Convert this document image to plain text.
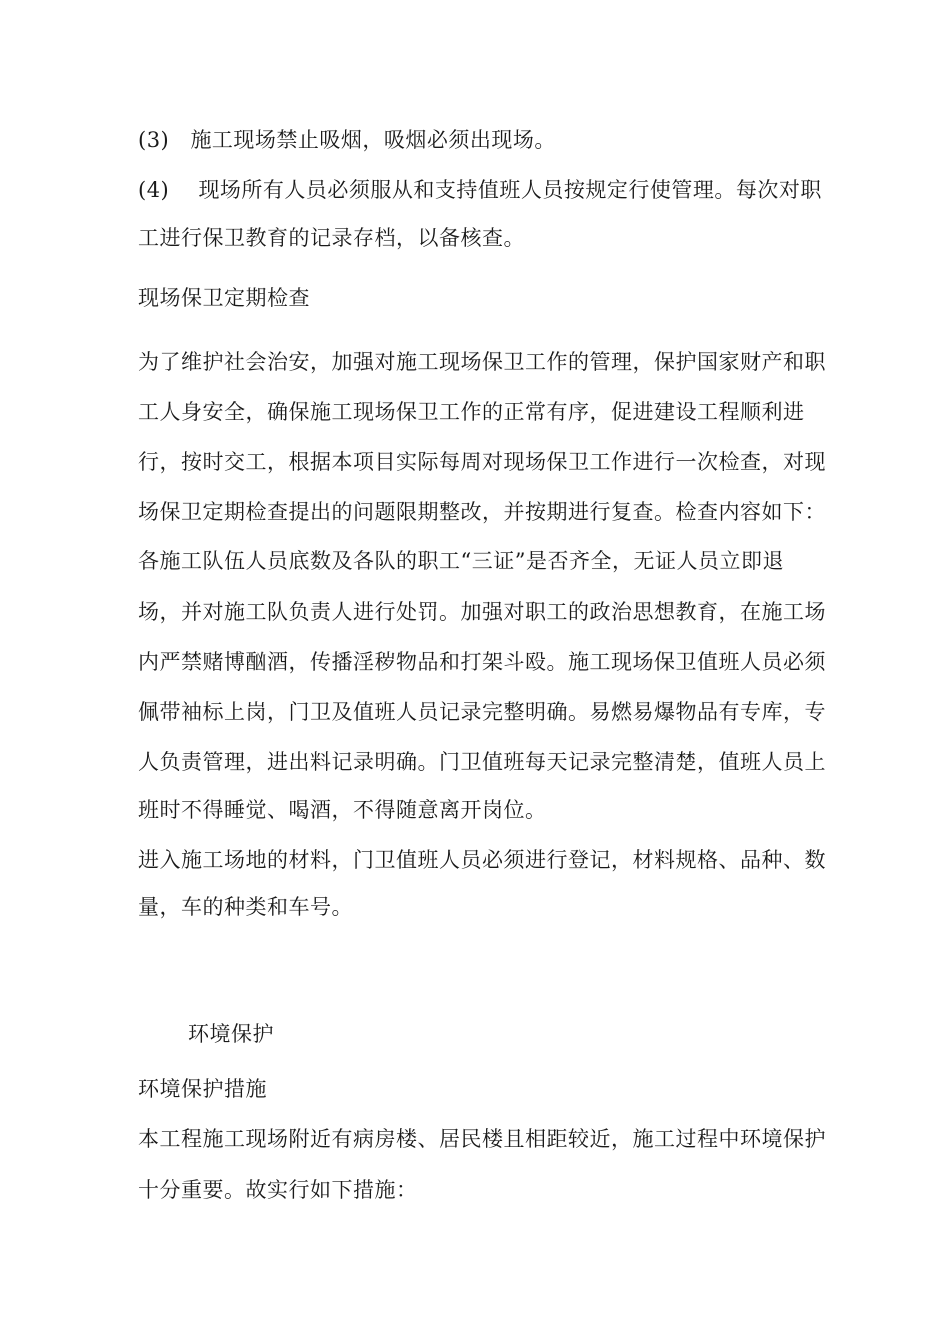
(3) 施工现场禁止吸烟，吸烟必须出现场。
(4) 现场所有人员必须服从和支持值班人员按规定行使管理。每次对职
工进行保卫教育的记录存档，以备核查。
现场保卫定期检查
为了维护社会治安，加强对施工现场保卫工作的管理，保护国家财产和职
工人身安全，确保施工现场保卫工作的正常有序，促进建设工程顺利进
行，按时交工，根据本项目实际每周对现场保卫工作进行一次检查，对现
场保卫定期检查提出的问题限期整改，并按期进行复查。检查内容如下：
各施工队伍人员底数及各队的职工“三证”是否齐全，无证人员立即退
场，并对施工队负责人进行处罚。加强对职工的政治思想教育，在施工场
内严禁赌博酗酒，传播淫秽物品和打架斗殴。施工现场保卫值班人员必须
佩带袖标上岗，门卫及值班人员记录完整明确。易燃易爆物品有专库，专
人负责管理，进出料记录明确。门卫值班每天记录完整清楚，值班人员上
班时不得睡觉、喝酒，不得随意离开岗位。
进入施工场地的材料，门卫值班人员必须进行登记，材料规格、品种、数
量，车的种类和车号。
环境保护
环境保护措施
本工程施工现场附近有病房楼、居民楼且相距较近，施工过程中环境保护
十分重要。故实行如下措施：
